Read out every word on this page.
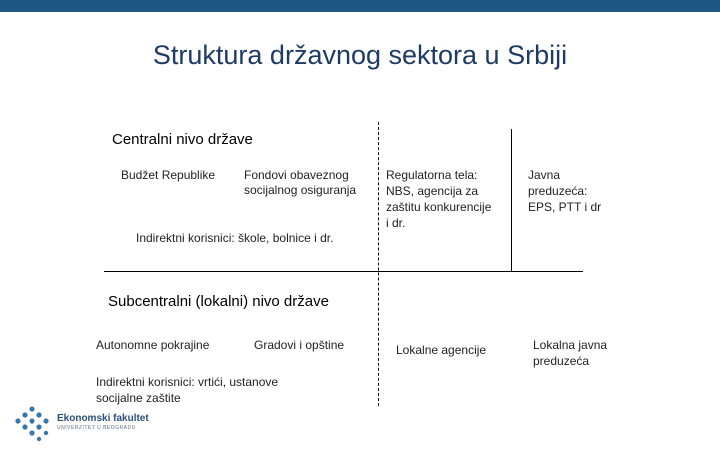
Struktura državnog sektora u Srbiji
Centralni nivo države
Budžet Republike Fondovi obaveznog
socijalnog osiguranja
Indirektni korisnici: škole, bolnice i dr.
Regulatorna tela:
NBS, agencija za
zaštitu konkurencije
i dr.
Javna
preduzeća:
EPS, PTT i dr
Subcentralni (lokalni) nivo države
Autonomne pokrajine	Gradovi i opštine
Indirektni korisnici: vrtići, ustanove
socijalne zaštite
Lokalne agencije	Lokalna javna
preduzeća
Ekonomski fakultet
UNIVERZITET U BEOGRADU
